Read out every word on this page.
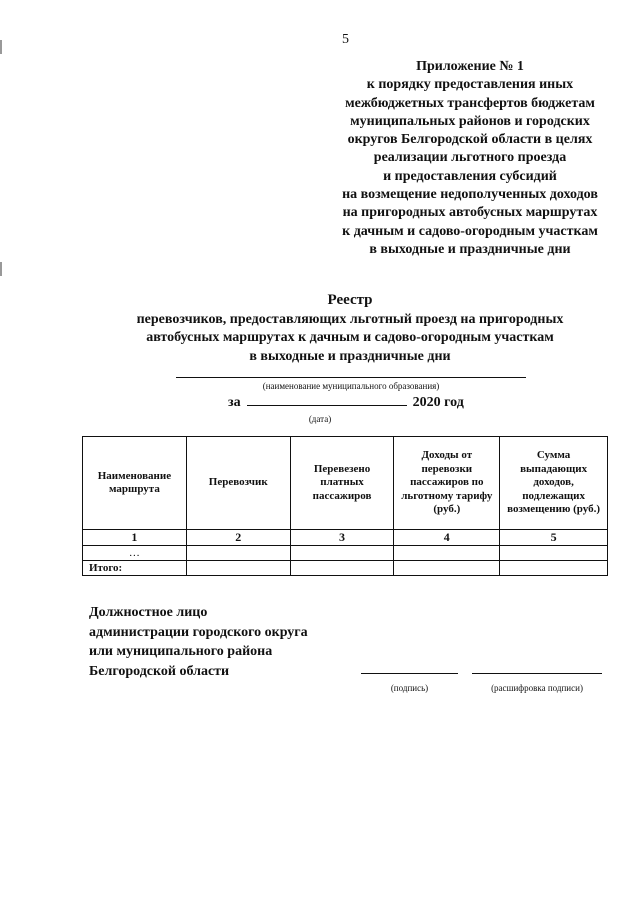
5
Приложение № 1
к порядку предоставления иных
межбюджетных трансфертов бюджетам
муниципальных районов и городских
округов Белгородской области в целях
реализации льготного проезда
и предоставления субсидий
на возмещение недополученных доходов
на пригородных автобусных маршрутах
к дачным и садово-огородным участкам
в выходные и праздничные дни
Реестр
перевозчиков, предоставляющих льготный проезд на пригородных
автобусных маршрутах к дачным и садово-огородным участкам
в выходные и праздничные дни
(наименование муниципального образования)
за	2020 год
(дата)
Наименование маршрута	Перевозчик	Перевезено платных пассажиров	Доходы от перевозки пассажиров по льготному тарифу (руб.)	Сумма выпадающих доходов, подлежащих возмещению (руб.)
1	2	3	4	5
…				
Итого:				
Должностное лицо
администрации городского округа
или муниципального района
Белгородской области
(подпись)	(расшифровка подписи)
